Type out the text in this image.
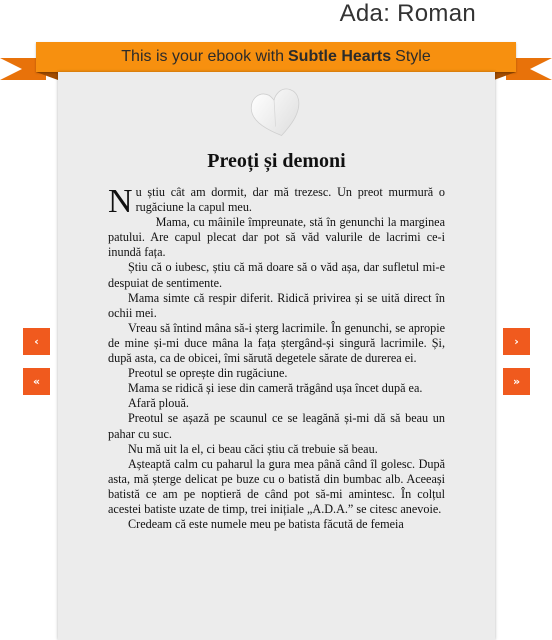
Ada: Roman
This is your ebook with Subtle Hearts Style
Preoți și demoni

Nu știu cât am dormit, dar mă trezesc. Un preot murmură o rugăciune la capul meu.

Mama, cu mâinile împreunate, stă în genunchi la marginea patului. Are capul plecat dar pot să văd valurile de lacrimi ce-i inundă fața.

Știu că o iubesc, știu că mă doare să o văd așa, dar sufletul mi-e despuiat de sentimente.

Mama simte că respir diferit. Ridică privirea și se uită direct în ochii mei.

Vreau să întind mâna să-i șterg lacrimile. În genunchi, se apropie de mine și-mi duce mâna la fața ștergând-și singură lacrimile. Și, după asta, ca de obicei, îmi sărută degetele sărate de durerea ei.

Preotul se oprește din rugăciune.

Mama se ridică și iese din cameră trăgând ușa încet după ea.

Afară plouă.

Preotul se așază pe scaunul ce se leagănă și-mi dă să beau un pahar cu suc.

Nu mă uit la el, ci beau căci știu că trebuie să beau.

Așteaptă calm cu paharul la gura mea până când îl golesc. După asta, mă șterge delicat pe buze cu o batistă din bumbac alb. Aceeași batistă ce am pe noptieră de când pot să-mi amintesc. În colțul acestei batiste uzate de timp, trei inițiale „A.D.A.” se citesc anevoie.

Credeam că este numele meu pe batista făcută de femeia

‹
«
›
»
